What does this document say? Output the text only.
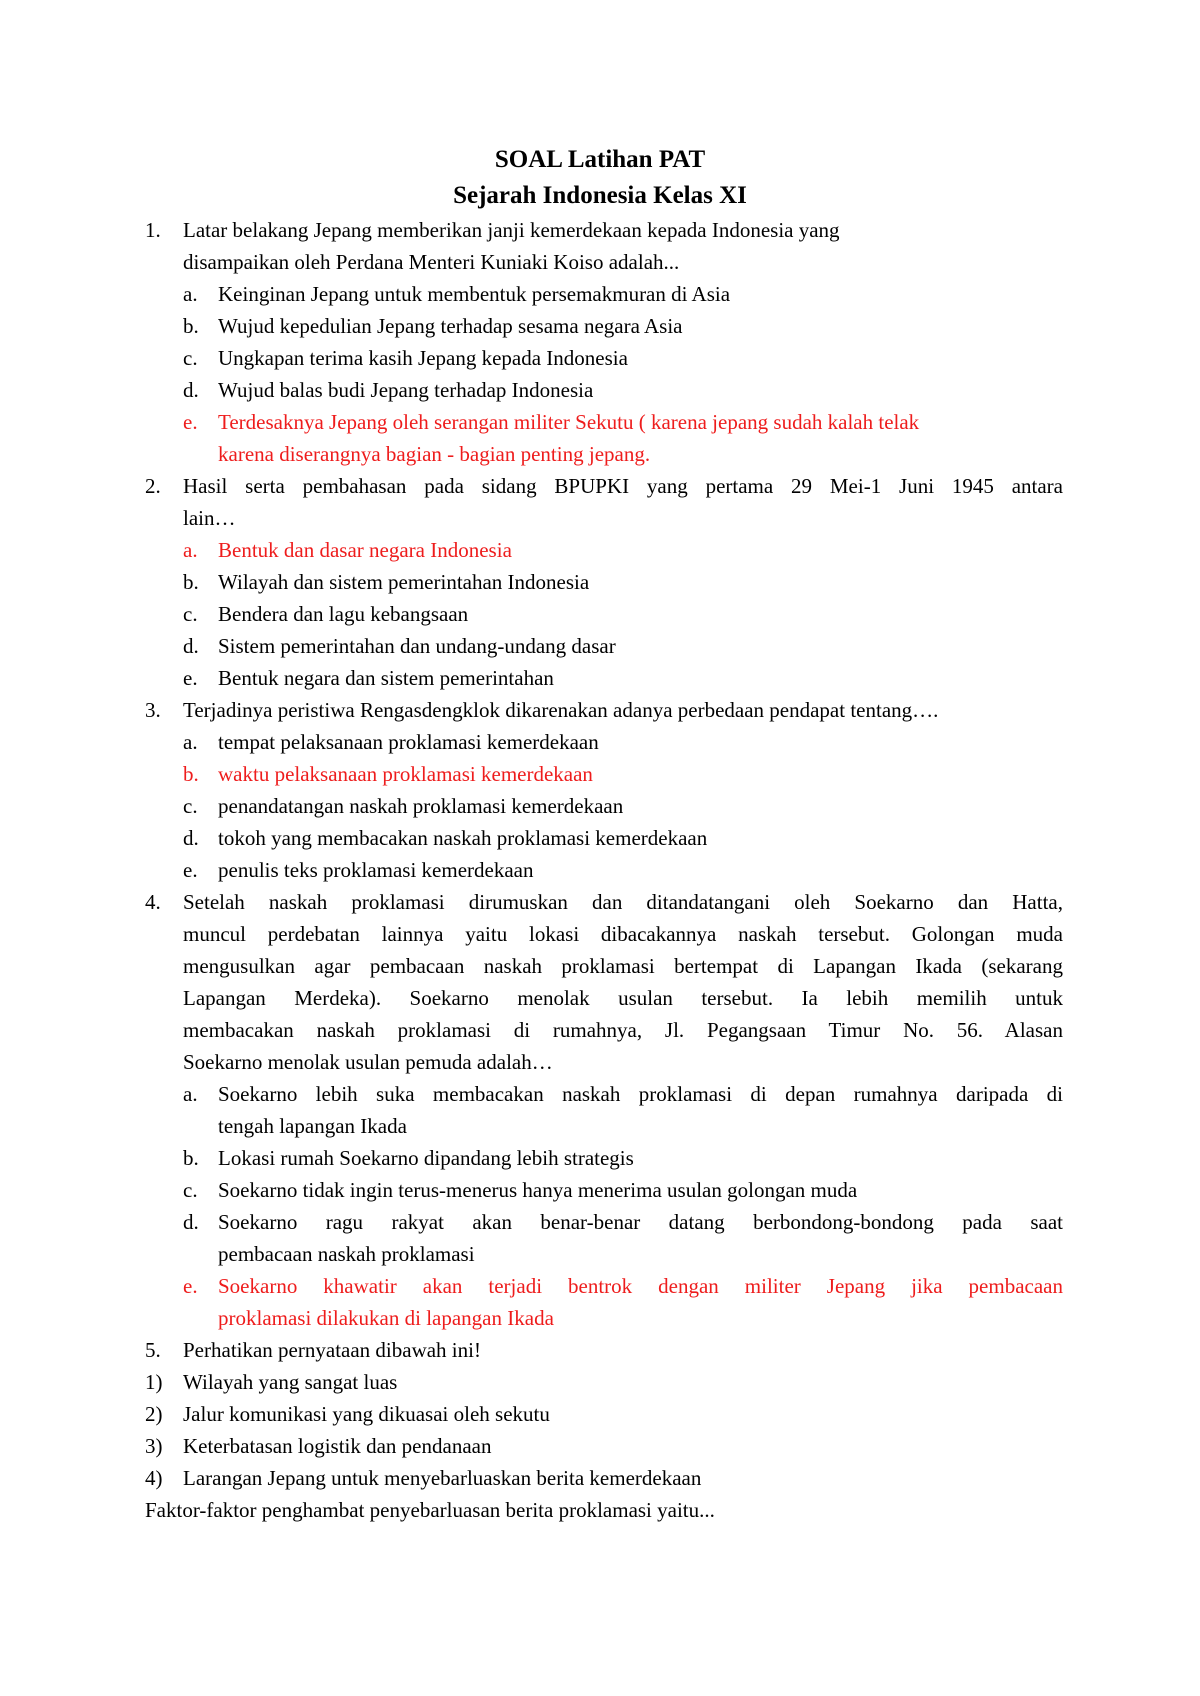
SOAL Latihan PAT
Sejarah Indonesia Kelas XI
1. Latar belakang Jepang memberikan janji kemerdekaan kepada Indonesia yang
disampaikan oleh Perdana Menteri Kuniaki Koiso adalah...
a. Keinginan Jepang untuk membentuk persemakmuran di Asia
b. Wujud kepedulian Jepang terhadap sesama negara Asia
c. Ungkapan terima kasih Jepang kepada Indonesia
d. Wujud balas budi Jepang terhadap Indonesia
e. Terdesaknya Jepang oleh serangan militer Sekutu ( karena jepang sudah kalah telak
karena diserangnya bagian - bagian penting jepang.
2. Hasil serta pembahasan pada sidang BPUPKI yang pertama 29 Mei-1 Juni 1945 antara
lain…
a. Bentuk dan dasar negara Indonesia
b. Wilayah dan sistem pemerintahan Indonesia
c. Bendera dan lagu kebangsaan
d. Sistem pemerintahan dan undang-undang dasar
e. Bentuk negara dan sistem pemerintahan
3. Terjadinya peristiwa Rengasdengklok dikarenakan adanya perbedaan pendapat tentang….
a. tempat pelaksanaan proklamasi kemerdekaan
b. waktu pelaksanaan proklamasi kemerdekaan
c. penandatangan naskah proklamasi kemerdekaan
d. tokoh yang membacakan naskah proklamasi kemerdekaan
e. penulis teks proklamasi kemerdekaan
4. Setelah naskah proklamasi dirumuskan dan ditandatangani oleh Soekarno dan Hatta,
muncul perdebatan lainnya yaitu lokasi dibacakannya naskah tersebut. Golongan muda
mengusulkan agar pembacaan naskah proklamasi bertempat di Lapangan Ikada (sekarang
Lapangan Merdeka). Soekarno menolak usulan tersebut. Ia lebih memilih untuk
membacakan naskah proklamasi di rumahnya, Jl. Pegangsaan Timur No. 56. Alasan
Soekarno menolak usulan pemuda adalah…
a. Soekarno lebih suka membacakan naskah proklamasi di depan rumahnya daripada di
tengah lapangan Ikada
b. Lokasi rumah Soekarno dipandang lebih strategis
c. Soekarno tidak ingin terus-menerus hanya menerima usulan golongan muda
d. Soekarno ragu rakyat akan benar-benar datang berbondong-bondong pada saat
pembacaan naskah proklamasi
e. Soekarno khawatir akan terjadi bentrok dengan militer Jepang jika pembacaan
proklamasi dilakukan di lapangan Ikada
5. Perhatikan pernyataan dibawah ini!
1) Wilayah yang sangat luas
2) Jalur komunikasi yang dikuasai oleh sekutu
3) Keterbatasan logistik dan pendanaan
4) Larangan Jepang untuk menyebarluaskan berita kemerdekaan
Faktor-faktor penghambat penyebarluasan berita proklamasi yaitu...
